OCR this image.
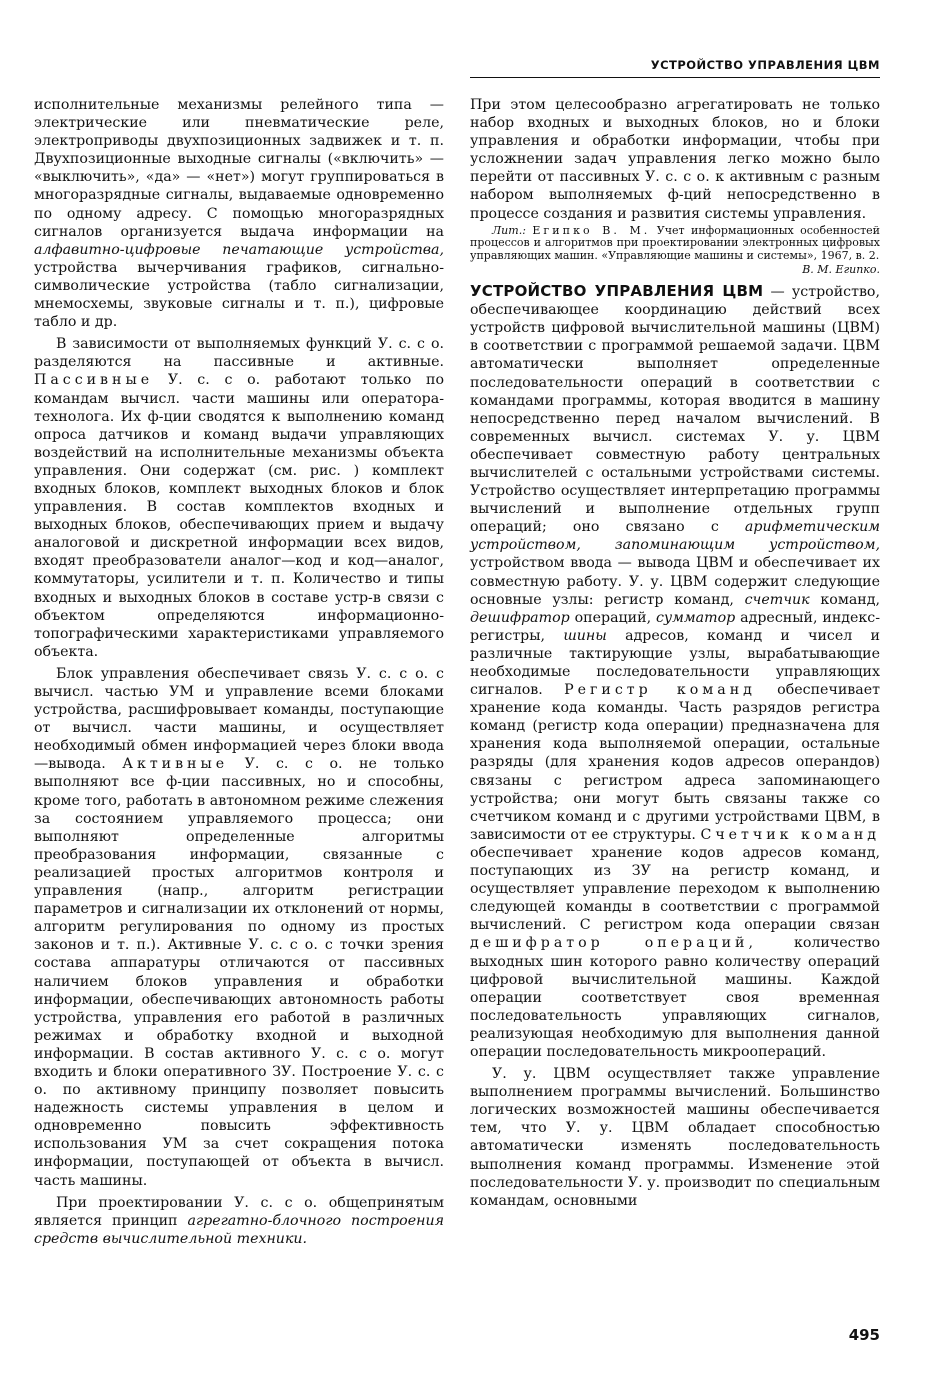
УСТРОЙСТВО УПРАВЛЕНИЯ ЦВМ

исполнительные механизмы релейного типа — электрические или пневматические реле, электроприводы двухпозиционных задвижек и т. п. Двухпозиционные выходные сигналы («включить» — «выключить», «да» — «нет») могут группироваться в многоразрядные сигналы, выдаваемые одновременно по одному адресу. С помощью многоразрядных сигналов организуется выдача информации на алфавитно-цифровые печатающие устройства, устройства вычерчивания графиков, сигнально-символические устройства (табло сигнализации, мнемосхемы, звуковые сигналы и т. п.), цифровые табло и др.

В зависимости от выполняемых функций У. с. с о. разделяются на пассивные и активные. Пассивные У. с. с о. работают только по командам вычисл. части машины или оператора-технолога. Их ф-ции сводятся к выполнению команд опроса датчиков и команд выдачи управляющих воздействий на исполнительные механизмы объекта управления. Они содержат (см. рис. ) комплект входных блоков, комплект выходных блоков и блок управления. В состав комплектов входных и выходных блоков, обеспечивающих прием и выдачу аналоговой и дискретной информации всех видов, входят преобразователи аналог—код и код—аналог, коммутаторы, усилители и т. п. Количество и типы входных и выходных блоков в составе устр-в связи с объектом определяются информационно-топографическими характеристиками управляемого объекта.

Блок управления обеспечивает связь У. с. с о. с вычисл. частью УМ и управление всеми блоками устройства, расшифровывает команды, поступающие от вычисл. части машины, и осуществляет необходимый обмен информацией через блоки ввода—вывода. Активные У. с. с о. не только выполняют все ф-ции пассивных, но и способны, кроме того, работать в автономном режиме слежения за состоянием управляемого процесса; они выполняют определенные алгоритмы преобразования информации, связанные с реализацией простых алгоритмов контроля и управления (напр., алгоритм регистрации параметров и сигнализации их отклонений от нормы, алгоритм регулирования по одному из простых законов и т. п.). Активные У. с. с о. с точки зрения состава аппаратуры отличаются от пассивных наличием блоков управления и обработки информации, обеспечивающих автономность работы устройства, управления его работой в различных режимах и обработку входной и выходной информации. В состав активного У. с. с о. могут входить и блоки оперативного ЗУ. Построение У. с. с о. по активному принципу позволяет повысить надежность системы управления в целом и одновременно повысить эффективность использования УМ за счет сокращения потока информации, поступающей от объекта в вычисл. часть машины.

При проектировании У. с. с о. общепринятым является принцип агрегатно-блочного построения средств вычислительной техники.

При этом целесообразно агрегатировать не только набор входных и выходных блоков, но и блоки управления и обработки информации, чтобы при усложнении задач управления легко можно было перейти от пассивных У. с. с о. к активным с разным набором выполняемых ф-ций непосредственно в процессе создания и развития системы управления.

Лит.: Египко В. М. Учет информационных особенностей процессов и алгоритмов при проектировании электронных цифровых управляющих машин. «Управляющие машины и системы», 1967, в. 2.

В. М. Египко.

УСТРОЙСТВО УПРАВЛЕНИЯ ЦВМ — устройство, обеспечивающее координацию действий всех устройств цифровой вычислительной машины (ЦВМ) в соответствии с программой решаемой задачи. ЦВМ автоматически выполняет определенные последовательности операций в соответствии с командами программы, которая вводится в машину непосредственно перед началом вычислений. В современных вычисл. системах У. у. ЦВМ обеспечивает совместную работу центральных вычислителей с остальными устройствами системы. Устройство осуществляет интерпретацию программы вычислений и выполнение отдельных групп операций; оно связано с арифметическим устройством, запоминающим устройством, устройством ввода — вывода ЦВМ и обеспечивает их совместную работу. У. у. ЦВМ содержит следующие основные узлы: регистр команд, счетчик команд, дешифратор операций, сумматор адресный, индекс-регистры, шины адресов, команд и чисел и различные тактирующие узлы, вырабатывающие необходимые последовательности управляющих сигналов. Регистр команд обеспечивает хранение кода команды. Часть разрядов регистра команд (регистр кода операции) предназначена для хранения кода выполняемой операции, остальные разряды (для хранения кодов адресов операндов) связаны с регистром адреса запоминающего устройства; они могут быть связаны также со счетчиком команд и с другими устройствами ЦВМ, в зависимости от ее структуры. Счетчик команд обеспечивает хранение кодов адресов команд, поступающих из ЗУ на регистр команд, и осуществляет управление переходом к выполнению следующей команды в соответствии с программой вычислений. С регистром кода операции связан дешифратор операций,	количество выходных шин которого равно количеству операций цифровой вычислительной машины. Каждой операции соответствует своя временная последовательность управляющих сигналов, реализующая необходимую для выполнения данной операции последовательность микроопераций.

У. у. ЦВМ осуществляет также управление выполнением программы вычислений. Большинство логических возможностей машины обеспечивается тем, что У. у. ЦВМ обладает способностью автоматически изменять последовательность выполнения команд программы. Изменение этой последовательности У. у. производит по специальным командам, основными

495
